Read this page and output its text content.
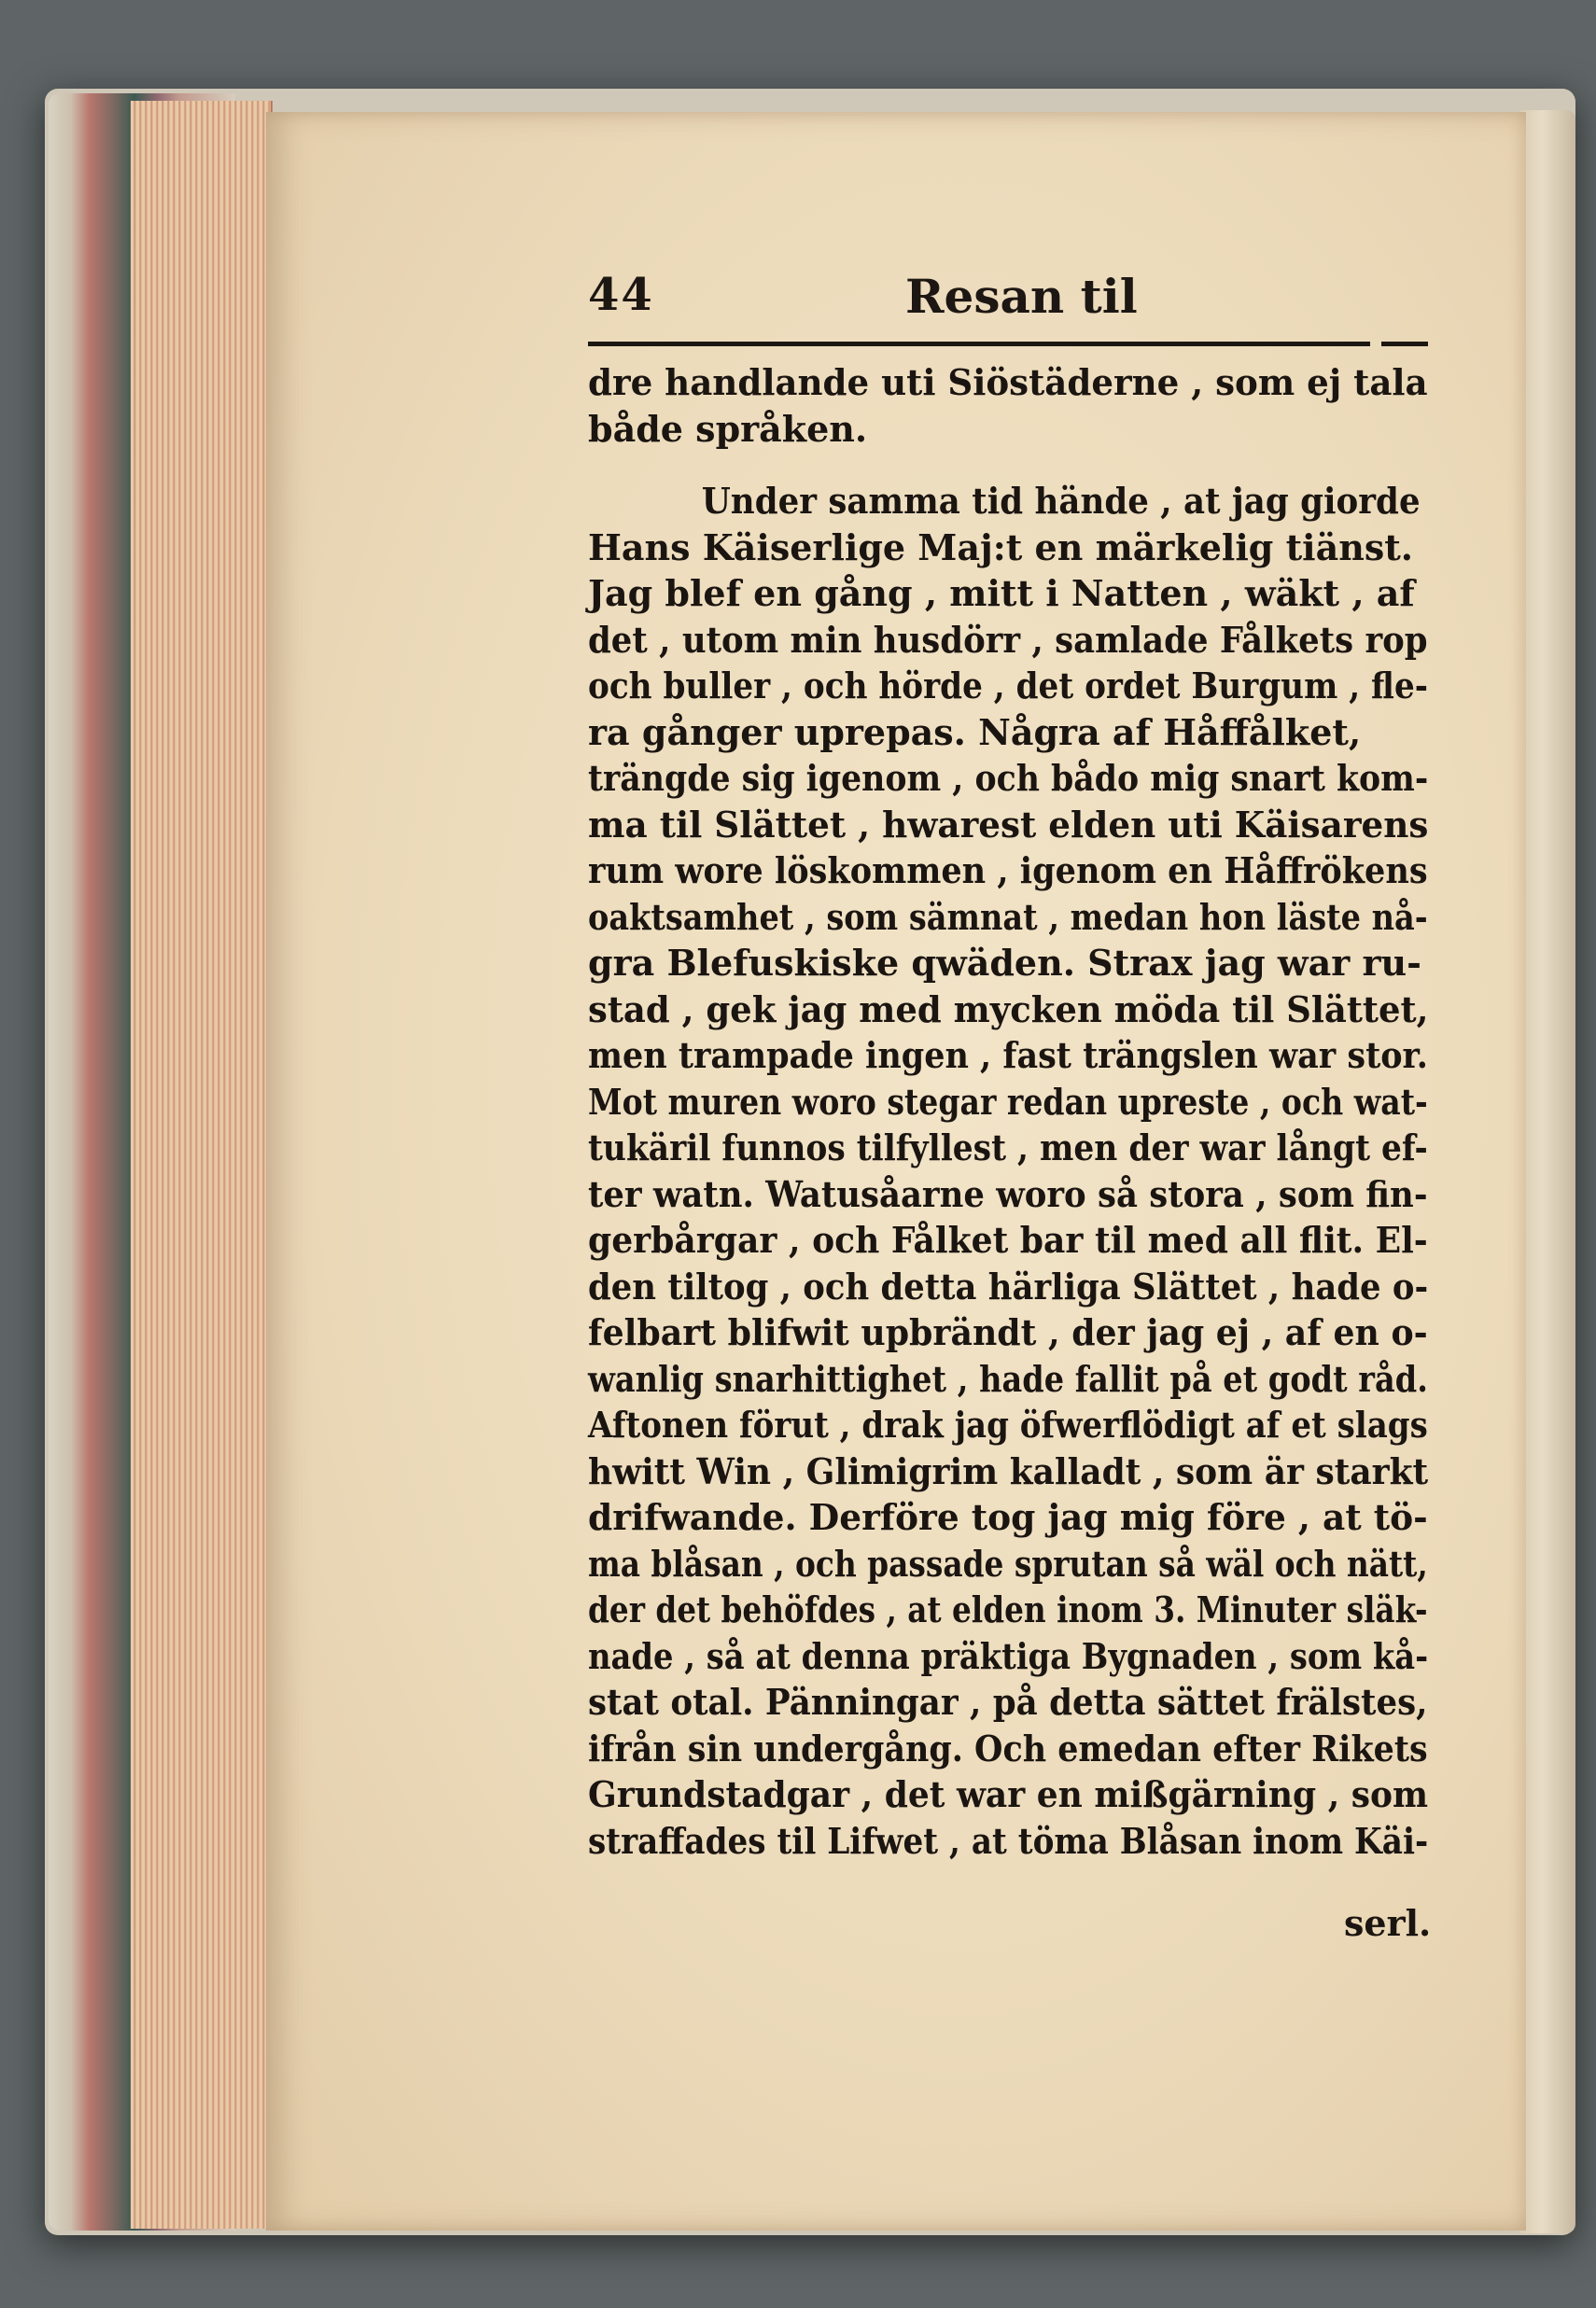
44	Resan til
dre handlande uti Siöstäderne , som ej tala
både språken.
Under samma tid hände , at jag giorde
Hans Käiserlige Maj:t en märkelig tiänst.
Jag blef en gång , mitt i Natten , wäkt , af
det , utom min husdörr , samlade Fålkets rop
och buller , och hörde , det ordet Burgum , fle-
ra gånger uprepas. Några af Håffålket,
trängde sig igenom , och bådo mig snart kom-
ma til Slättet , hwarest elden uti Käisarens
rum wore löskommen , igenom en Håffrökens
oaktsamhet , som sämnat , medan hon läste nå-
gra Blefuskiske qwäden. Strax jag war ru-
stad , gek jag med mycken möda til Slättet,
men trampade ingen , fast trängslen war stor.
Mot muren woro stegar redan upreste , och wat-
tukäril funnos tilfyllest , men der war långt ef-
ter watn. Watusåarne woro så stora , som fin-
gerbårgar , och Fålket bar til med all flit. El-
den tiltog , och detta härliga Slättet , hade o-
felbart blifwit upbrändt , der jag ej , af en o-
wanlig snarhittighet , hade fallit på et godt råd.
Aftonen förut , drak jag öfwerflödigt af et slags
hwitt Win , Glimigrim kalladt , som är starkt
drifwande. Derföre tog jag mig före , at tö-
ma blåsan , och passade sprutan så wäl och nätt,
der det behöfdes , at elden inom 3. Minuter släk-
nade , så at denna präktiga Bygnaden , som kå-
stat otal. Pänningar , på detta sättet frälstes,
ifrån sin undergång. Och emedan efter Rikets
Grundstadgar , det war en mißgärning , som
straffades til Lifwet , at töma Blåsan inom Käi-
serl.
